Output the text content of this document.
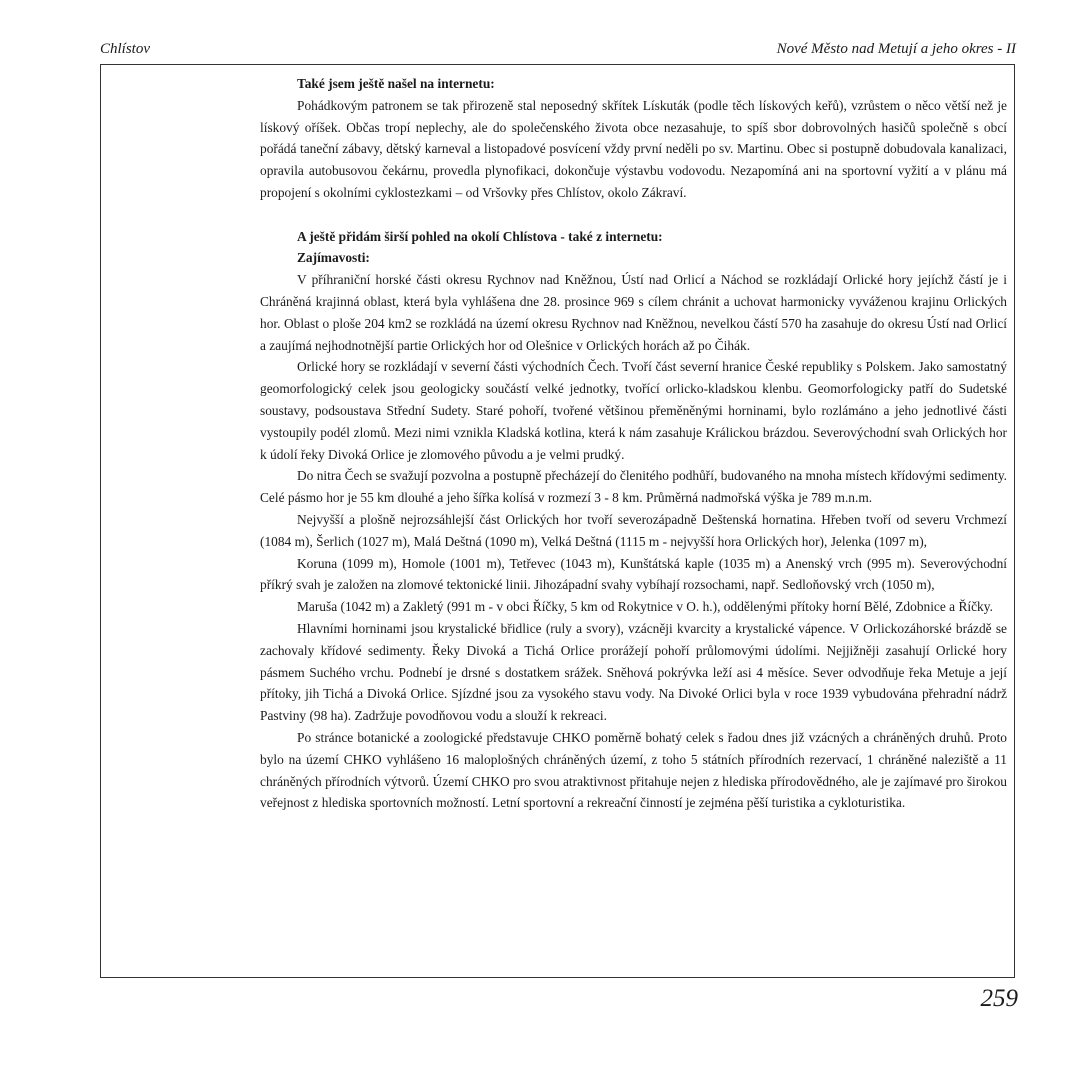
Chlístov	Nové Město nad Metují a jeho okres - II

Také jsem ještě našel na internetu:

Pohádkovým patronem se tak přirozeně stal neposedný skřítek Lískuták (podle těch lískových keřů), vzrůstem o něco větší než je lískový oříšek. Občas tropí neplechy, ale do společenského života obce nezasahuje, to spíš sbor dobrovolných hasičů společně s obcí pořádá taneční zábavy, dětský karneval a listopadové posvícení vždy první neděli po sv. Martinu. Obec si postupně dobudovala kanalizaci, opravila autobusovou čekárnu, provedla plynofikaci, dokončuje výstavbu vodovodu. Nezapomíná ani na sportovní vyžití a v plánu má propojení s okolními cyklostezkami – od Vršovky přes Chlístov, okolo Zákraví.

A ještě přidám širší pohled na okolí Chlístova - také z internetu:

Zajímavosti:

V příhraniční horské části okresu Rychnov nad Kněžnou, Ústí nad Orlicí a Náchod se rozkládají Orlické hory jejíchž částí je i Chráněná krajinná oblast, která byla vyhlášena dne 28. prosince 969 s cílem chránit a uchovat harmonicky vyváženou krajinu Orlických hor. Oblast o ploše 204 km2 se rozkládá na území okresu Rychnov nad Kněžnou, nevelkou částí 570 ha zasahuje do okresu Ústí nad Orlicí a zaujímá nejhodnotnější partie Orlických hor od Olešnice v Orlických horách až po Čihák.

Orlické hory se rozkládají v severní části východních Čech. Tvoří část severní hranice České republiky s Polskem. Jako samostatný geomorfologický celek jsou geologicky součástí velké jednotky, tvořící orlicko-kladskou klenbu. Geomorfologicky patří do Sudetské soustavy, podsoustava Střední Sudety. Staré pohoří, tvořené většinou přeměněnými horninami, bylo rozlámáno a jeho jednotlivé části vystoupily podél zlomů. Mezi nimi vznikla Kladská kotlina, která k nám zasahuje Králickou brázdou. Severovýchodní svah Orlických hor k údolí řeky Divoká Orlice je zlomového původu a je velmi prudký.

Do nitra Čech se svažují pozvolna a postupně přecházejí do členitého podhůří, budovaného na mnoha místech křídovými sedimenty. Celé pásmo hor je 55 km dlouhé a jeho šířka kolísá v rozmezí 3 - 8 km. Průměrná nadmořská výška je 789 m.n.m.

Nejvyšší a plošně nejrozsáhlejší část Orlických hor tvoří severozápadně Deštenská hornatina. Hřeben tvoří od severu Vrchmezí (1084 m), Šerlich (1027 m), Malá Deštná (1090 m), Velká Deštná (1115 m - nejvyšší hora Orlických hor), Jelenka (1097 m),

Koruna (1099 m), Homole (1001 m), Tetřevec (1043 m), Kunštátská kaple (1035 m) a Anenský vrch (995 m). Severovýchodní příkrý svah je založen na zlomové tektonické linii. Jihozápadní svahy vybíhají rozsochami, např. Sedloňovský vrch (1050 m),

Maruša (1042 m) a Zakletý (991 m - v obci Říčky, 5 km od Rokytnice v O. h.), oddělenými přítoky horní Bělé, Zdobnice a Říčky.

Hlavními horninami jsou krystalické břidlice (ruly a svory), vzácněji kvarcity a krystalické vápence. V Orlickozáhorské brázdě se zachovaly křídové sedimenty. Řeky Divoká a Tichá Orlice prorážejí pohoří průlomovými údolími. Nejjižněji zasahují Orlické hory pásmem Suchého vrchu. Podnebí je drsné s dostatkem srážek. Sněhová pokrývka leží asi 4 měsíce. Sever odvodňuje řeka Metuje a její přítoky, jih Tichá a Divoká Orlice. Sjízdné jsou za vysokého stavu vody. Na Divoké Orlici byla v roce 1939 vybudována přehradní nádrž Pastviny (98 ha). Zadržuje povodňovou vodu a slouží k rekreaci.

Po stránce botanické a zoologické představuje CHKO poměrně bohatý celek s řadou dnes již vzácných a chráněných druhů. Proto bylo na území CHKO vyhlášeno 16 maloplošných chráněných území, z toho 5 státních přírodních rezervací, 1 chráněné naleziště a 11 chráněných přírodních výtvorů. Území CHKO pro svou atraktivnost přitahuje nejen z hlediska přírodovědného, ale je zajímavé pro širokou veřejnost z hlediska sportovních možností. Letní sportovní a rekreační činností je zejména pěší turistika a cykloturistika.

259
